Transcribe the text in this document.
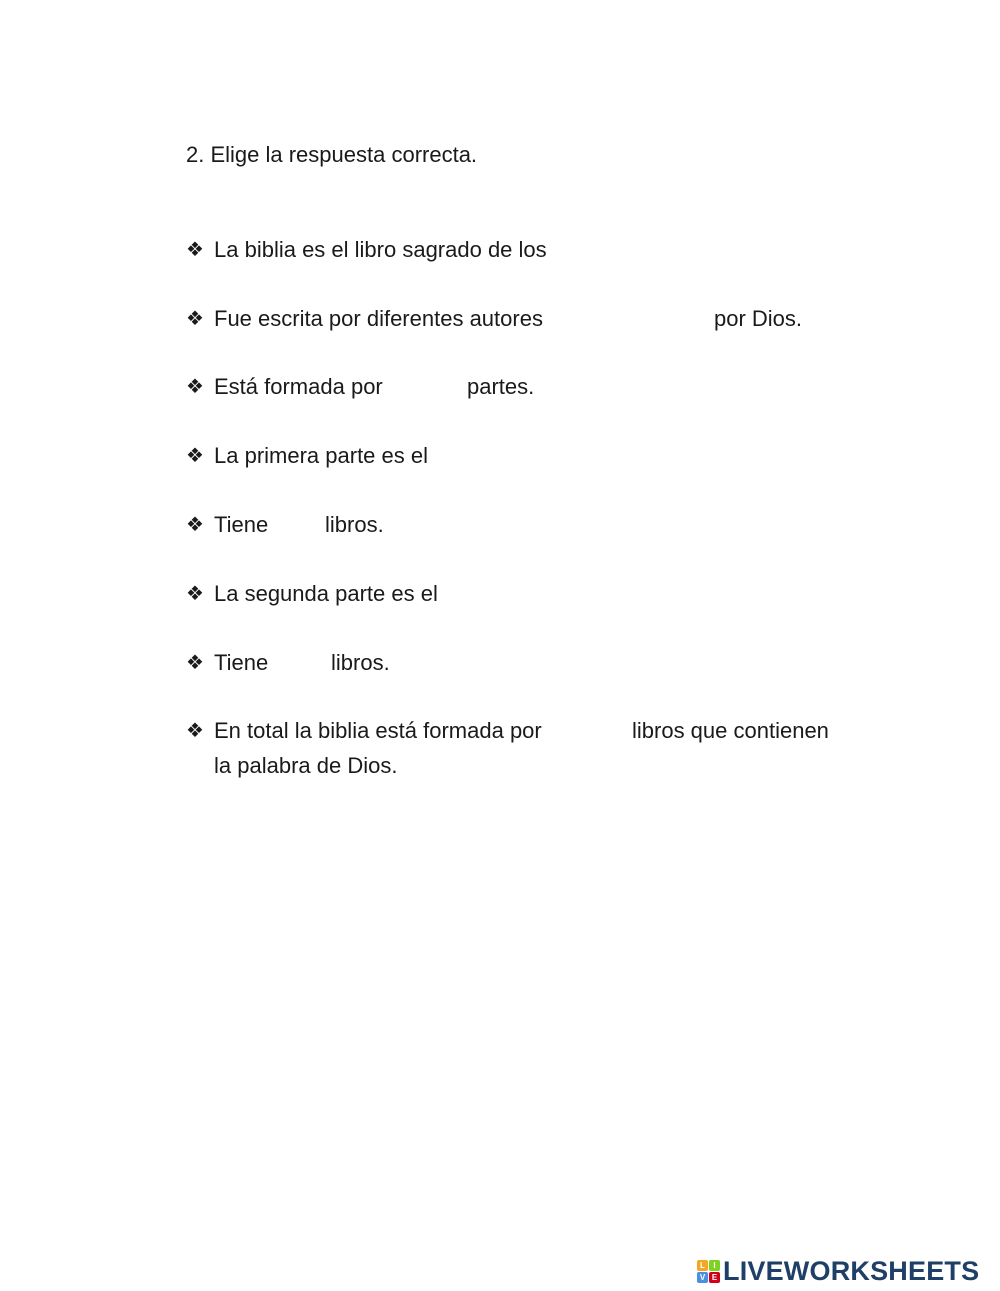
2. Elige la respuesta correcta.
❖ La biblia es el libro sagrado de los
❖ Fue escrita por diferentes autores	por Dios.
❖ Está formada por	partes.
❖ La primera parte es el
❖ Tiene	libros.
❖ La segunda parte es el
❖ Tiene	libros.
❖ En total la biblia está formada por	libros que contienen
la palabra de Dios.
L	I
V E LIVEWORKSHEETS
